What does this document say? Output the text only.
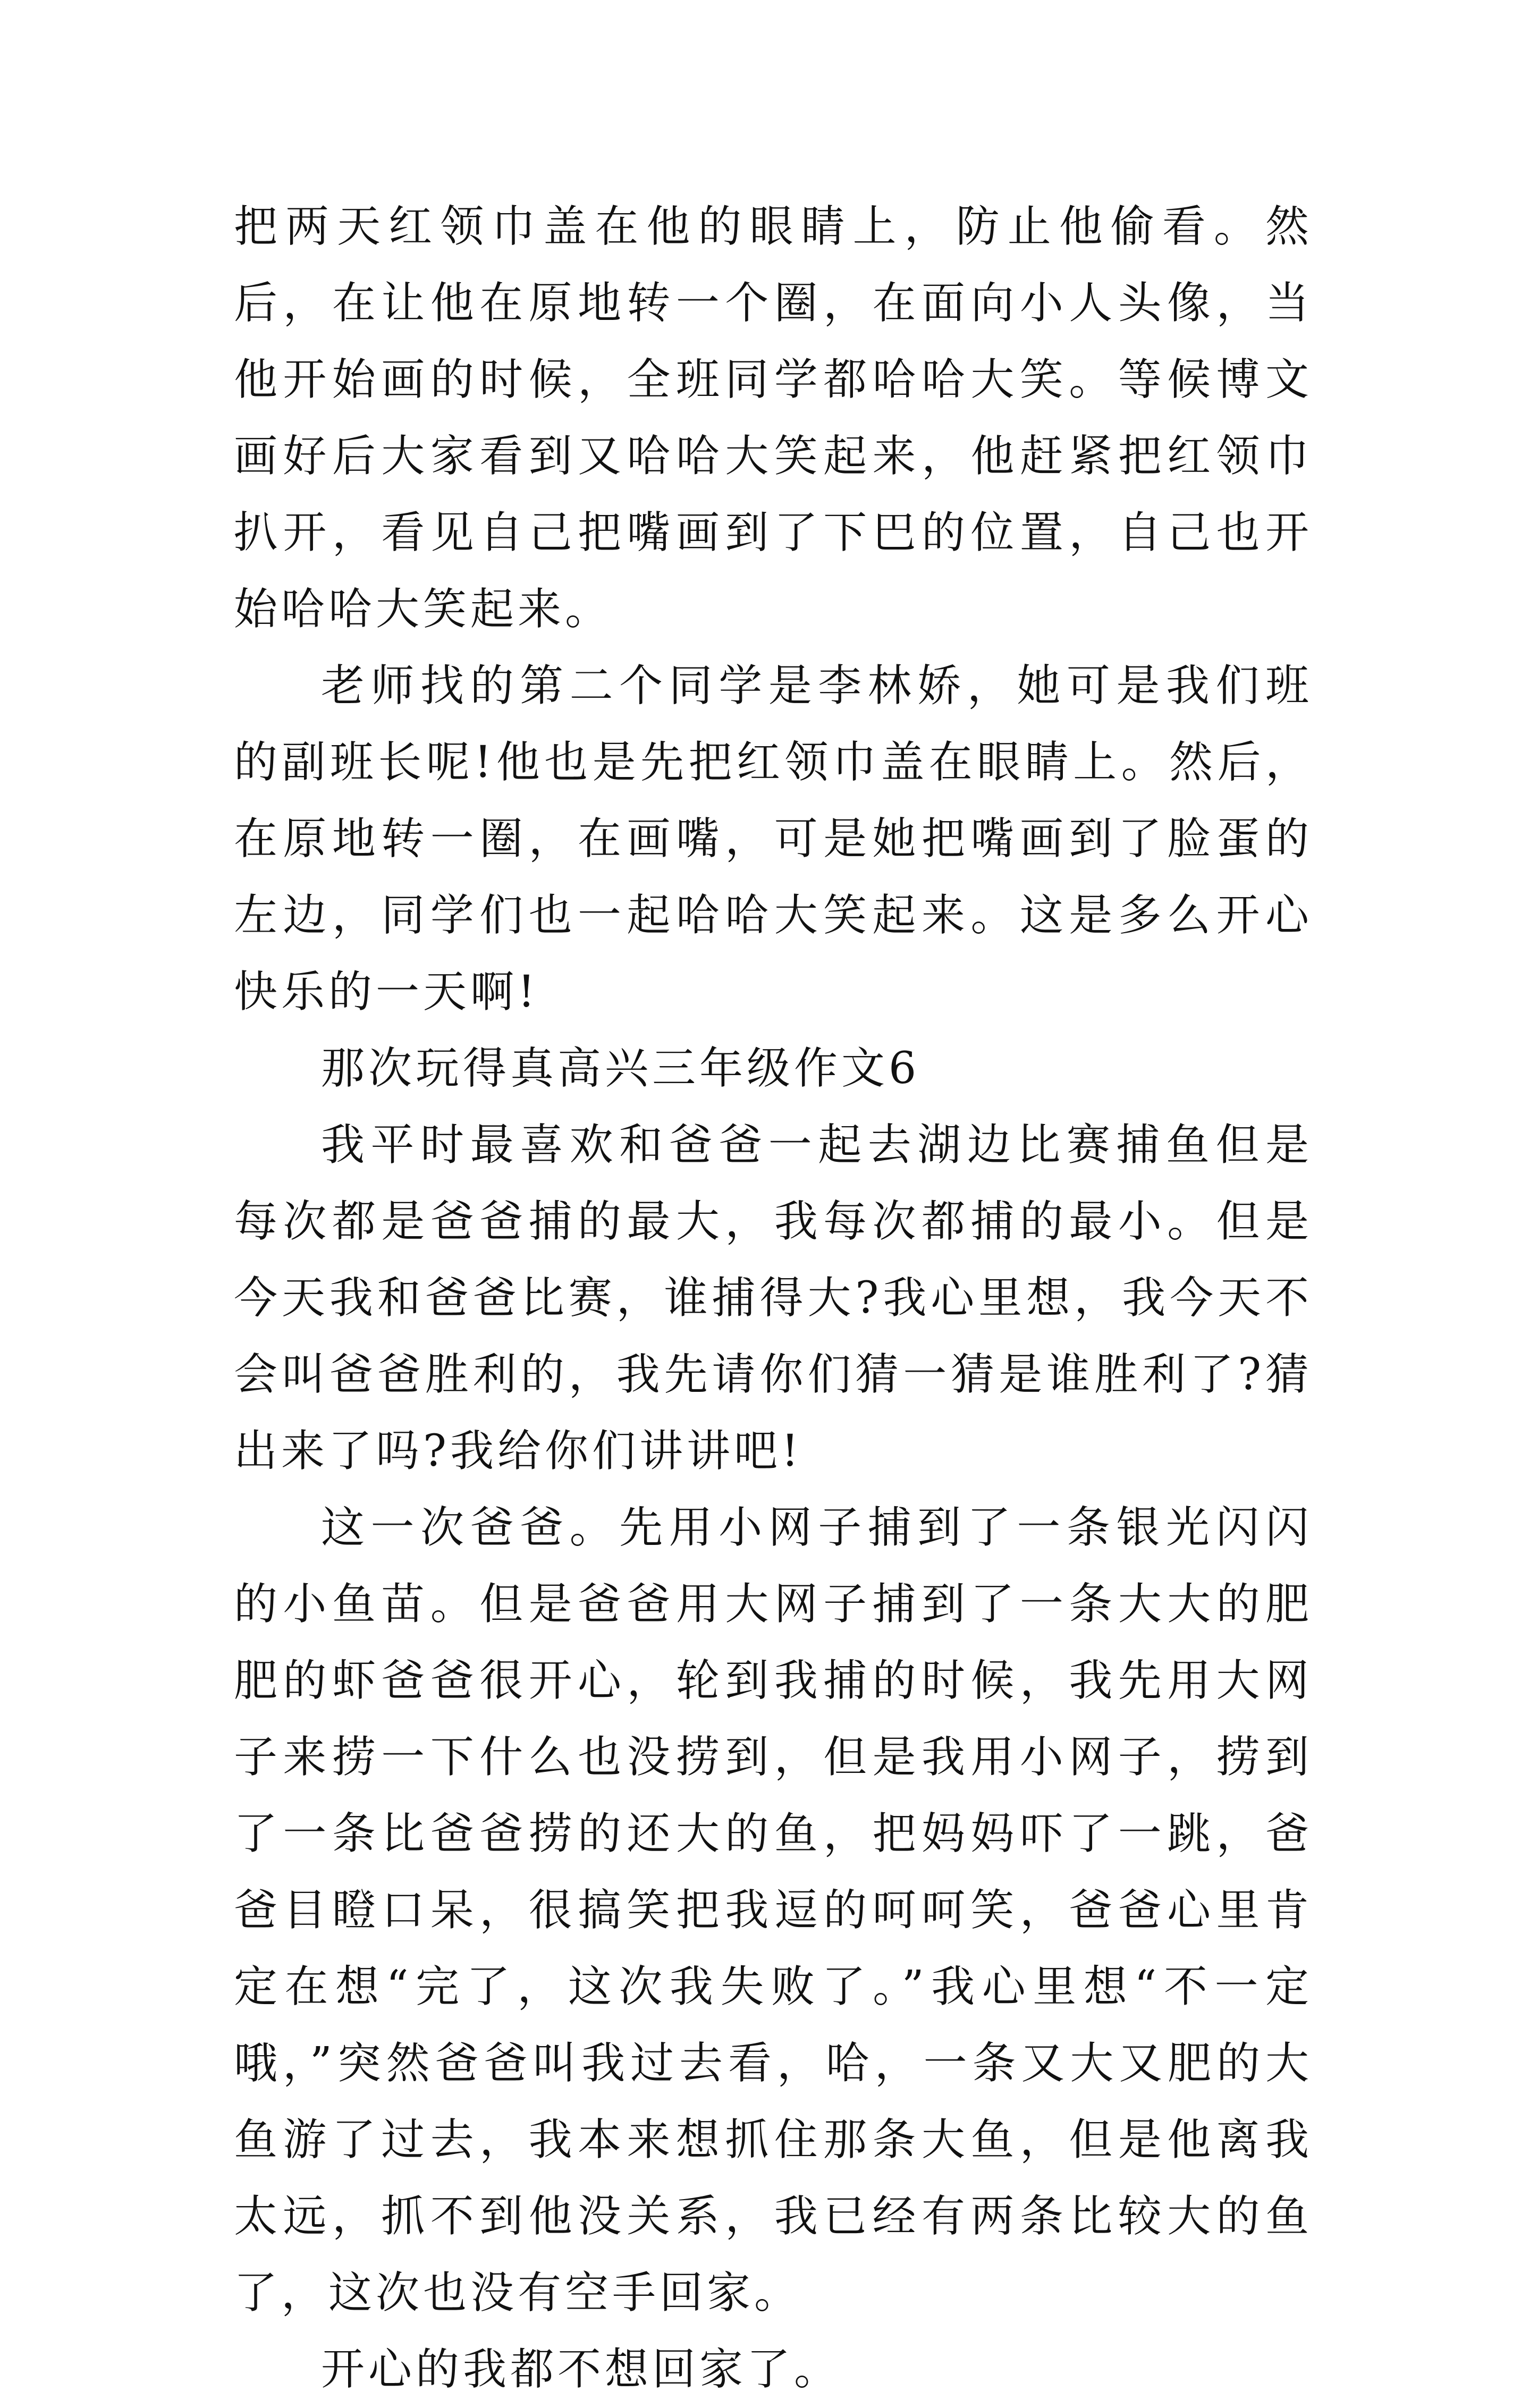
把两天红领巾盖在他的眼睛上，防止他偷看。然后，在让他在原地转一个圈，在面向小人头像，当他开始画的时候，全班同学都哈哈大笑。等候博文画好后大家看到又哈哈大笑起来，他赶紧把红领巾扒开，看见自己把嘴画到了下巴的位置，自己也开始哈哈大笑起来。

老师找的第二个同学是李林娇，她可是我们班的副班长呢!他也是先把红领巾盖在眼睛上。然后，在原地转一圈，在画嘴，可是她把嘴画到了脸蛋的左边，同学们也一起哈哈大笑起来。这是多么开心快乐的一天啊!

那次玩得真高兴三年级作文6

我平时最喜欢和爸爸一起去湖边比赛捕鱼但是每次都是爸爸捕的最大，我每次都捕的最小。但是今天我和爸爸比赛，谁捕得大?我心里想，我今天不会叫爸爸胜利的，我先请你们猜一猜是谁胜利了?猜出来了吗?我给你们讲讲吧!

这一次爸爸。先用小网子捕到了一条银光闪闪的小鱼苗。但是爸爸用大网子捕到了一条大大的肥肥的虾爸爸很开心，轮到我捕的时候，我先用大网子来捞一下什么也没捞到，但是我用小网子，捞到了一条比爸爸捞的还大的鱼，把妈妈吓了一跳，爸爸目瞪口呆，很搞笑把我逗的呵呵笑，爸爸心里肯定在想“完了，这次我失败了。”我心里想“不一定哦，”突然爸爸叫我过去看，哈，一条又大又肥的大鱼游了过去，我本来想抓住那条大鱼，但是他离我太远，抓不到他没关系，我已经有两条比较大的鱼了，这次也没有空手回家。

开心的我都不想回家了。
